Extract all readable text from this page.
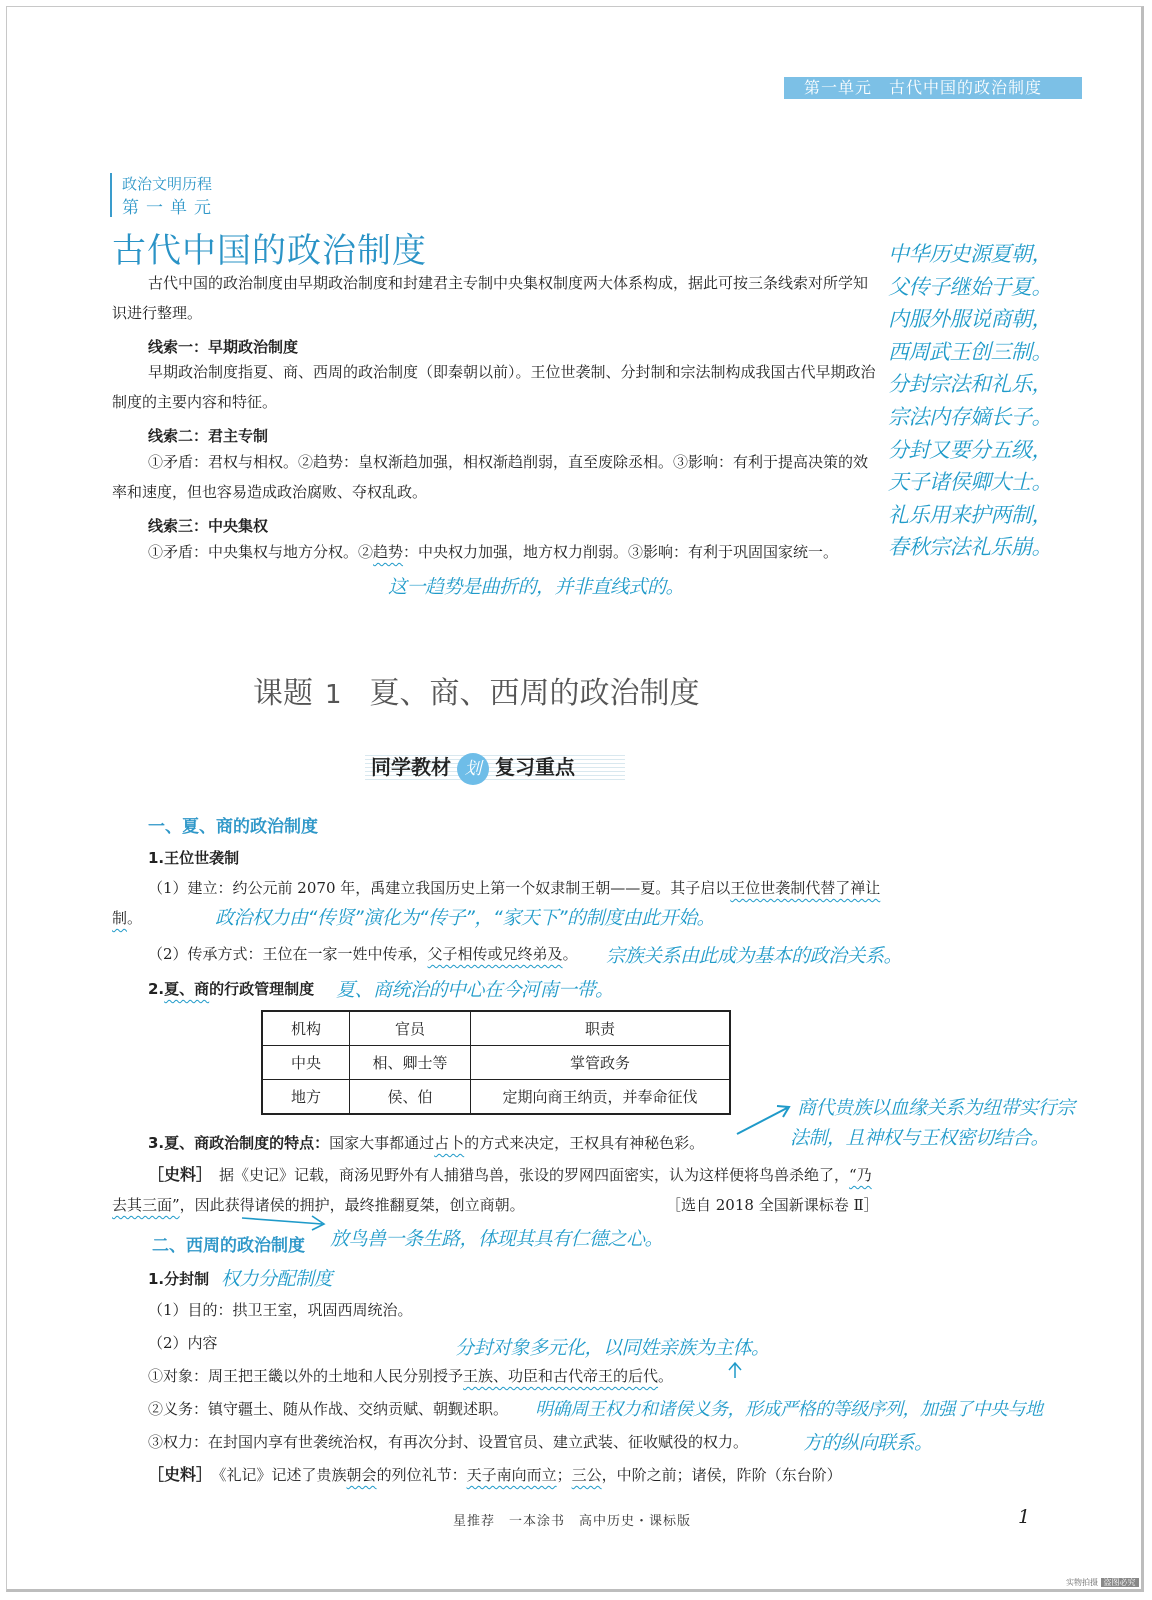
第一单元　古代中国的政治制度
政治文明历程
第一单元
古代中国的政治制度
古代中国的政治制度由早期政治制度和封建君主专制中央集权制度两大体系构成，据此可按三条线索对所学知识进行整理。
线索一：早期政治制度
早期政治制度指夏、商、西周的政治制度（即秦朝以前）。王位世袭制、分封制和宗法制构成我国古代早期政治制度的主要内容和特征。
线索二：君主专制
①矛盾：君权与相权。②趋势：皇权渐趋加强，相权渐趋削弱，直至废除丞相。③影响：有利于提高决策的效率和速度，但也容易造成政治腐败、夺权乱政。
线索三：中央集权
①矛盾：中央集权与地方分权。②趋势：中央权力加强，地方权力削弱。③影响：有利于巩固国家统一。
这一趋势是曲折的，并非直线式的。
中华历史源夏朝，
父传子继始于夏。
内服外服说商朝，
西周武王创三制。
分封宗法和礼乐，
宗法内存嫡长子。
分封又要分五级，
天子诸侯卿大士。
礼乐用来护两制，
春秋宗法礼乐崩。
课题 1 夏、商、西周的政治制度
同学教材 划 复习重点
一、夏、商的政治制度
1.王位世袭制
（1）建立：约公元前 2070 年，禹建立我国历史上第一个奴隶制王朝——夏。其子启以王位世袭制代替了禅让制。	政治权力由“传贤”演化为“传子”，“家天下”的制度由此开始。
（2）传承方式：王位在一家一姓中传承，父子相传或兄终弟及。 宗族关系由此成为基本的政治关系。
2.夏、商的行政管理制度 夏、商统治的中心在今河南一带。
机构	官员	职责
中央	相、卿士等	掌管政务
地方	侯、伯	定期向商王纳贡，并奉命征伐	商代贵族以血缘关系为纽带实行宗
法制，且神权与王权密切结合。
3.夏、商政治制度的特点：国家大事都通过占卜的方式来决定，王权具有神秘色彩。
［史料］　 据《史记》记载，商汤见野外有人捕猎鸟兽，张设的罗网四面密实，认为这样便将鸟兽杀绝了，“乃去其三面”，因此获得诸侯的拥护，最终推翻夏桀，创立商朝。	［选自 2018 全国新课标卷 Ⅱ］
二、西周的政治制度 放鸟兽一条生路，体现其具有仁德之心。
1.分封制 权力分配制度
（1）目的：拱卫王室，巩固西周统治。
（2）内容	分封对象多元化，以同姓亲族为主体。
①对象：周王把王畿以外的土地和人民分别授予王族、功臣和古代帝王的后代。
②义务：镇守疆土、随从作战、交纳贡赋、朝觐述职。 明确周王权力和诸侯义务，形成严格的等级序列，加强了中央与地
③权力：在封国内享有世袭统治权，有再次分封、设置官员、建立武装、征收赋役的权力。	方的纵向联系。
［史料］　 《礼记》记述了贵族朝会的列位礼节：天子南向而立；三公，中阶之前；诸侯，阼阶（东台阶）
星推荐　一本涂书　高中历史・课标版	1
实物拍摄 盗图必究
